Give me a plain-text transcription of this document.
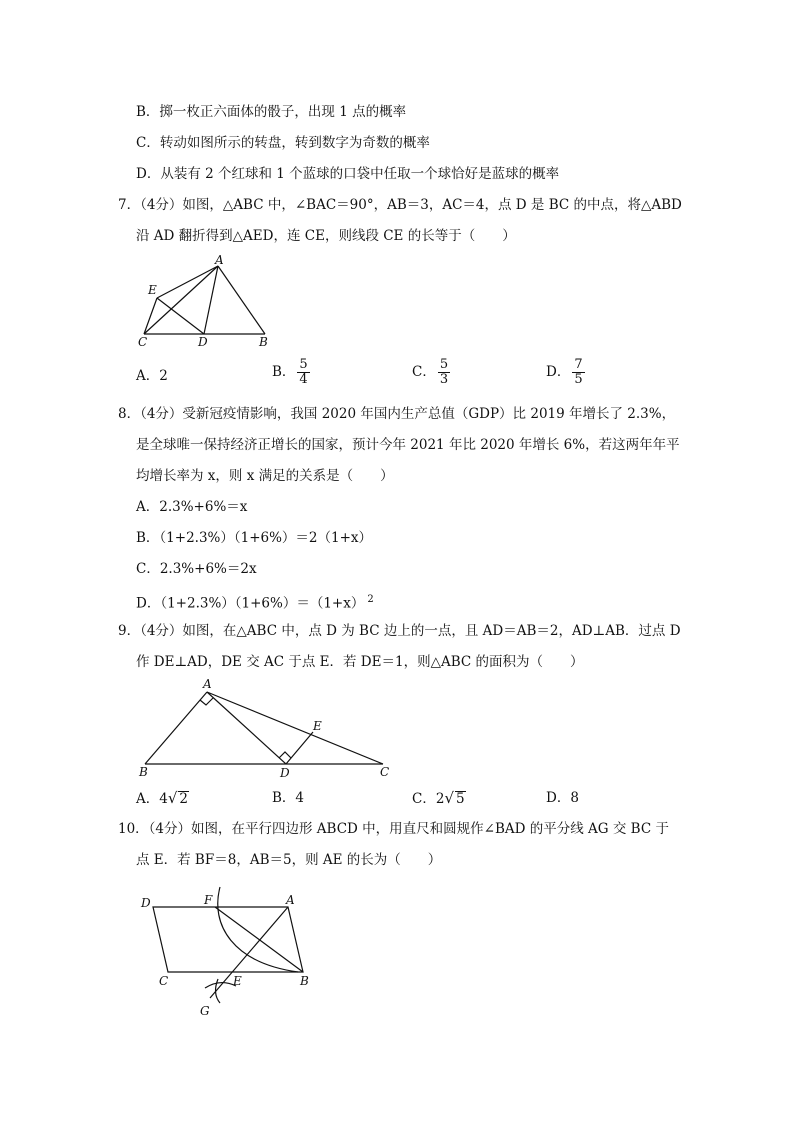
B．掷一枚正六面体的骰子，出现 1 点的概率
C．转动如图所示的转盘，转到数字为奇数的概率
D．从装有 2 个红球和 1 个蓝球的口袋中任取一个球恰好是蓝球的概率
7．（4分）如图，△ABC 中，∠BAC＝90°，AB＝3，AC＝4，点 D 是 BC 的中点，将△ABD
沿 AD 翻折得到△AED，连 CE，则线段 CE 的长等于（　　）
A
E
C	D	B
A．2	B． $\frac{5}{4}$	C． $\frac{5}{3}$	D． $\frac{7}{5}$
8．（4分）受新冠疫情影响，我国 2020 年国内生产总值（GDP）比 2019 年增长了 2.3%，
是全球唯一保持经济正增长的国家，预计今年 2021 年比 2020 年增长 6%，若这两年年平
均增长率为 x，则 x 满足的关系是（　　）
A．2.3%+6%＝x
B．（1+2.3%）（1+6%）＝2（1+x）
C．2.3%+6%＝2x
D．（1+2.3%）（1+6%）＝（1+x） $^2$
9．（4分）如图，在△ABC 中，点 D 为 BC 边上的一点，且 AD＝AB＝2，AD⊥AB．过点 D
作 DE⊥AD，DE 交 AC 于点 E．若 DE＝1，则△ABC 的面积为（　　）
A
E
B	D	C
A．4√ 2	B．4	C．2√ 5	D．8
10．（4分）如图，在平行四边形 ABCD 中，用直尺和圆规作∠BAD 的平分线 AG 交 BC 于
点 E．若 BF＝8，AB＝5，则 AE 的长为（　　）
D	F	A
C	E	B
G
